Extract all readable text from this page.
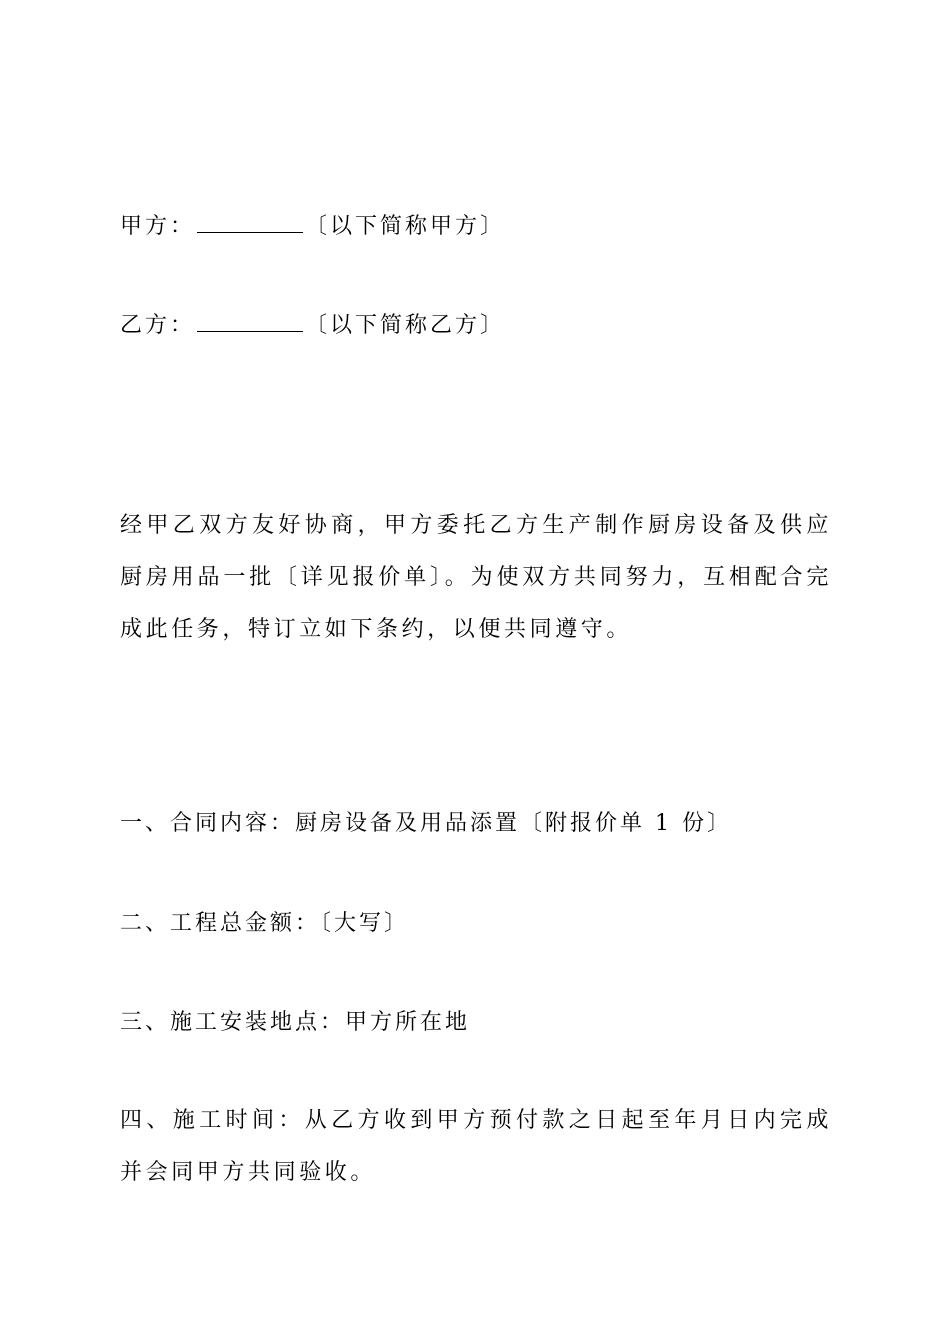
甲方：	〔以下简称甲方〕
乙方：	〔以下简称乙方〕
经甲乙双方友好协商，甲方委托乙方生产制作厨房设备及供应厨房用品一批〔详见报价单〕。为使双方共同努力，互相配合完成此任务，特订立如下条约，以便共同遵守。
一、合同内容：厨房设备及用品添置〔附报价单 1 份〕
二、工程总金额：〔大写〕
三、施工安装地点：甲方所在地
四、施工时间：从乙方收到甲方预付款之日起至年月日内完成并会同甲方共同验收。
